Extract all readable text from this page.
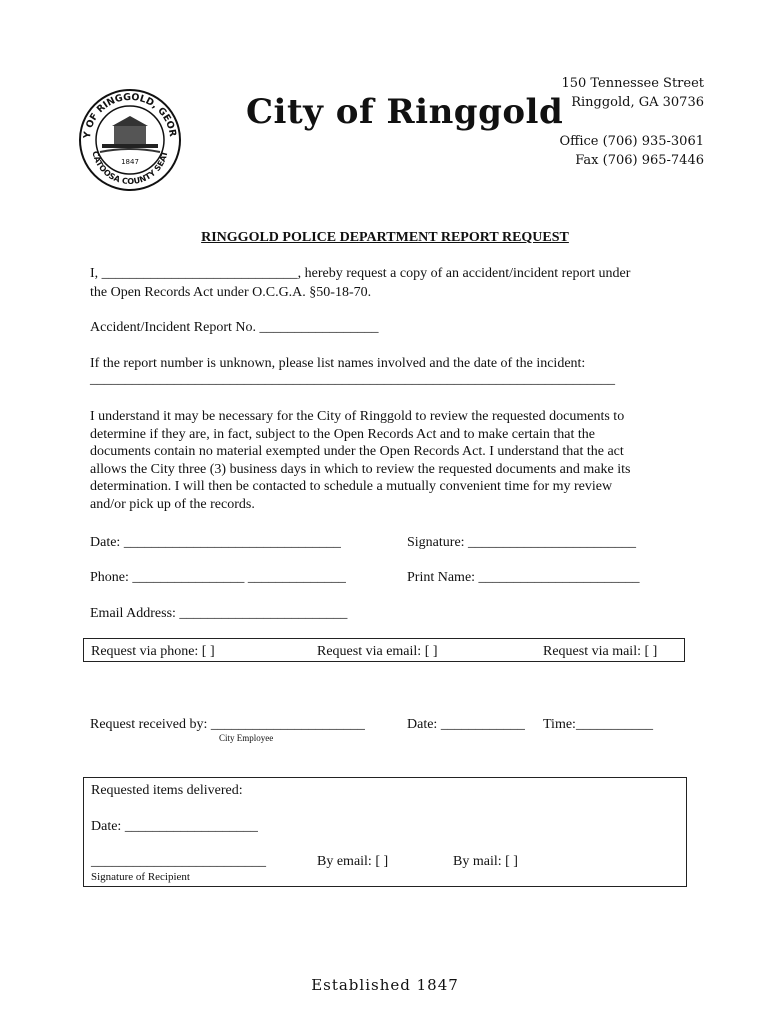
Y OF RINGGOLD, GEOR
CATOOSA COUNTY SEAT
1847
City of Ringgold
150 Tennessee Street
Ringgold, GA 30736
Office (706) 935-3061
Fax (706) 965-7446
RINGGOLD POLICE DEPARTMENT REPORT REQUEST
I, ____________________________, hereby request a copy of an accident/incident report under
the Open Records Act under O.C.G.A. §50-18-70.
Accident/Incident Report No. _________________
If the report number is unknown, please list names involved and the date of the incident:
___________________________________________________________________________
I understand it may be necessary for the City of Ringgold to review the requested documents to
determine if they are, in fact, subject to the Open Records Act and to make certain that the
documents contain no material exempted under the Open Records Act. I understand that the act
allows the City three (3) business days in which to review the requested documents and make its
determination. I will then be contacted to schedule a mutually convenient time for my review
and/or pick up of the records.
Date: _______________________________	Signature: ________________________
Phone: ________________ ______________	Print Name: _______________________
Email Address: ________________________
Request via phone: [ ]	Request via email: [ ]	Request via mail: [ ]
Request received by: ______________________
City Employee
Date: ____________ Time:___________
Requested items delivered:
Date: ___________________
_________________________
Signature of Recipient
By email: [ ]	By mail: [ ]
Established 1847
